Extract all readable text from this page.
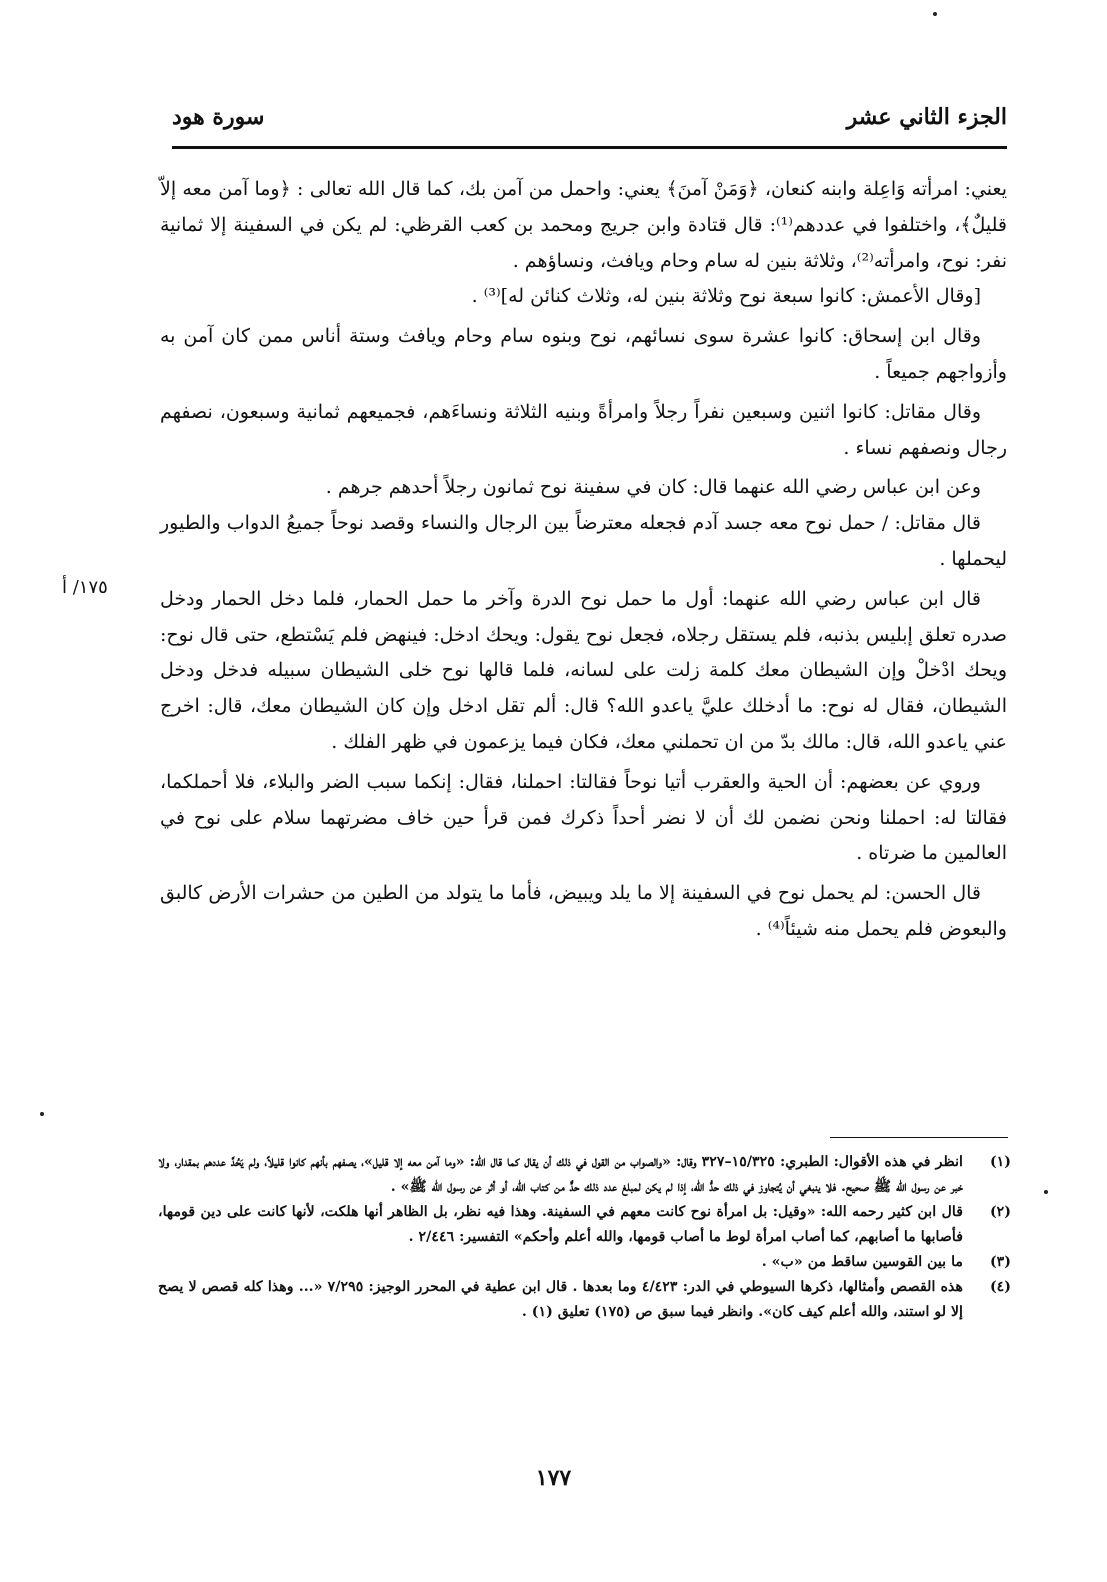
الجزء الثاني عشر
سورة هود

يعني: امرأته وَاعِلة وابنه كنعان، ﴿وَمَنْ آمنَ﴾ يعني: واحمل من آمن بك، كما قال الله تعالى : ﴿وما آمن معه إلاّ قليلٌ﴾، واختلفوا في عددهم⁽¹⁾: قال قتادة وابن جريج ومحمد بن كعب القرظي: لم يكن في السفينة إلا ثمانية نفر: نوح، وامرأته⁽²⁾، وثلاثة بنين له سام وحام ويافث، ونساؤهم .

[وقال الأعمش: كانوا سبعة نوح وثلاثة بنين له، وثلاث كنائن له]⁽³⁾ .

وقال ابن إسحاق: كانوا عشرة سوى نسائهم، نوح وبنوه سام وحام ويافث وستة أناس ممن كان آمن به وأزواجهم جميعاً .

وقال مقاتل: كانوا اثنين وسبعين نفراً رجلاً وامرأةً وبنيه الثلاثة ونساءَهم، فجميعهم ثمانية وسبعون، نصفهم رجال ونصفهم نساء .

وعن ابن عباس رضي الله عنهما قال: كان في سفينة نوح ثمانون رجلاً أحدهم جرهم .

قال مقاتل: / حمل نوح معه جسد آدم فجعله معترضاً بين الرجال والنساء وقصد نوحاً جميعُ الدواب والطيور ليحملها .

قال ابن عباس رضي الله عنهما: أول ما حمل نوح الدرة وآخر ما حمل الحمار، فلما دخل الحمار ودخل صدره تعلق إبليس بذنبه، فلم يستقل رجلاه، فجعل نوح يقول: ويحك ادخل: فينهض فلم يَسْتطع، حتى قال نوح: ويحك ادْخلْ وإن الشيطان معك كلمة زلت على لسانه، فلما قالها نوح خلى الشيطان سبيله فدخل ودخل الشيطان، فقال له نوح: ما أدخلك عليَّ ياعدو الله؟ قال: ألم تقل ادخل وإن كان الشيطان معك، قال: اخرج عني ياعدو الله، قال: مالك بدّ من ان تحملني معك، فكان فيما يزعمون في ظهر الفلك .

وروي عن بعضهم: أن الحية والعقرب أتيا نوحاً فقالتا: احملنا، فقال: إنكما سبب الضر والبلاء، فلا أحملكما، فقالتا له: احملنا ونحن نضمن لك أن لا نضر أحداً ذكرك فمن قرأ حين خاف مضرتهما سلام على نوح في العالمين ما ضرتاه .

قال الحسن: لم يحمل نوح في السفينة إلا ما يلد ويبيض، فأما ما يتولد من الطين من حشرات الأرض كالبق والبعوض فلم يحمل منه شيئاً⁽⁴⁾ .

١٧٥/ أ
(١)
انظر في هذه الأقوال: الطبري: ١٥/٣٢٥–٣٢٧ وقال: «والصواب من القول في ذلك أن يقال كما قال الله: «وما آمن معه إلا قليل»، يصفهم بأنهم كانوا قليلاً، ولم يَحُدَّ عددهم بمقدار، ولا خبر عن رسول الله ﷺ صحيح. فلا ينبغي أن يُتجاوز في ذلك حدُّ الله، إذا لم يكن لمبلغ عدد ذلك حدٌّ من كتاب الله، أو أثر عن رسول الله ﷺ» .
(٢)
قال ابن كثير رحمه الله: «وقيل: بل امرأة نوح كانت معهم في السفينة. وهذا فيه نظر، بل الظاهر أنها هلكت، لأنها كانت على دين قومها، فأصابها ما أصابهم، كما أصاب امرأة لوط ما أصاب قومها، والله أعلم وأحكم» التفسير: ٢/٤٤٦ .
(٣)
ما بين القوسين ساقط من «ب» .
(٤)
هذه القصص وأمثالها، ذكرها السيوطي في الدر: ٤/٤٢٣ وما بعدها . قال ابن عطية في المحرر الوجيز: ٧/٢٩٥ «... وهذا كله قصص لا يصح إلا لو استند، والله أعلم كيف كان». وانظر فيما سبق ص (١٧٥) تعليق (١) .
١٧٧
